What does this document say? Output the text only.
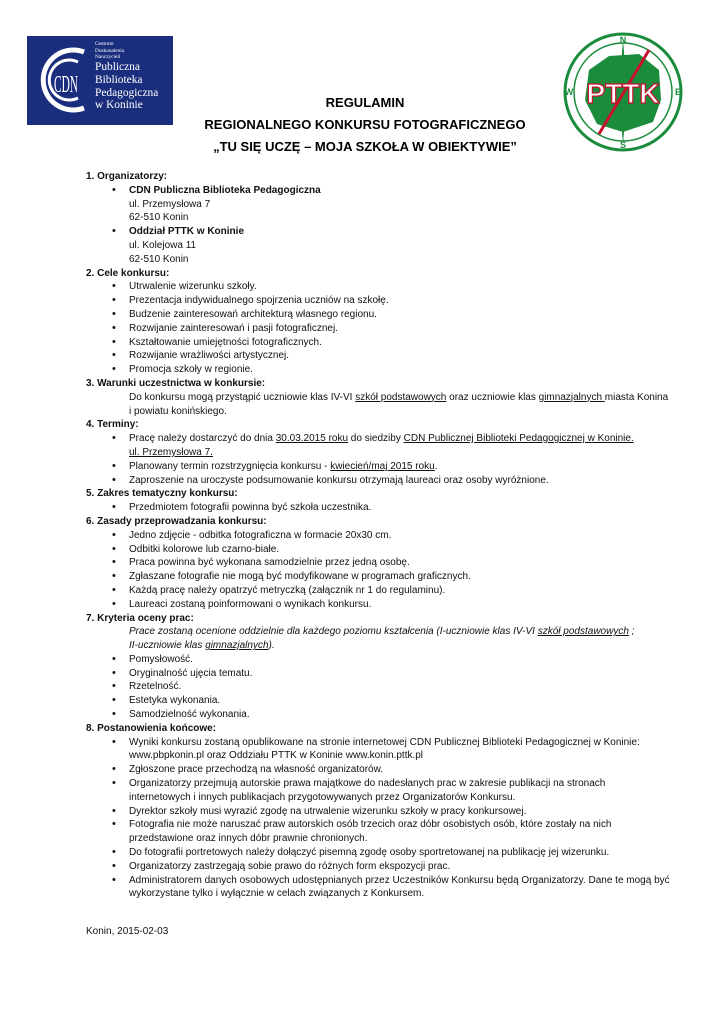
CDN
Centrum
Doskonalenia
Nauczycieli
Publiczna
Biblioteka
Pedagogiczna
w Koninie	PTTK
N
E
S
W
REGULAMIN
REGIONALNEGO KONKURSU FOTOGRAFICZNEGO
„TU SIĘ UCZĘ – MOJA SZKOŁA W OBIEKTYWIE”
1. Organizatorzy:
• CDN Publiczna Biblioteka Pedagogiczna
ul. Przemysłowa 7
62-510 Konin
• Oddział PTTK w Koninie
ul. Kolejowa 11
62-510 Konin
2. Cele konkursu:
• Utrwalenie wizerunku szkoły.
• Prezentacja indywidualnego spojrzenia uczniów na szkołę.
• Budzenie zainteresowań architekturą własnego regionu.
• Rozwijanie zainteresowań i pasji fotograficznej.
• Kształtowanie umiejętności fotograficznych.
• Rozwijanie wrażliwości artystycznej.
• Promocja szkoły w regionie.
3. Warunki uczestnictwa w konkursie:
Do konkursu mogą przystąpić uczniowie klas IV-VI szkół podstawowych oraz uczniowie klas gimnazjalnych miasta Konina
i powiatu konińskiego.
4. Terminy:
• Pracę należy dostarczyć do dnia 30.03.2015 roku do siedziby CDN Publicznej Biblioteki Pedagogicznej w Koninie.
ul. Przemysłowa 7.
• Planowany termin rozstrzygnięcia konkursu - kwiecień/maj 2015 roku.
• Zaproszenie na uroczyste podsumowanie konkursu otrzymają laureaci oraz osoby wyróżnione.
5. Zakres tematyczny konkursu:
• Przedmiotem fotografii powinna być szkoła uczestnika.
6. Zasady przeprowadzania konkursu:
• Jedno zdjęcie - odbitka fotograficzna w formacie 20x30 cm.
• Odbitki kolorowe lub czarno-białe.
• Praca powinna być wykonana samodzielnie przez jedną osobę.
• Zgłaszane fotografie nie mogą być modyfikowane w programach graficznych.
• Każdą pracę należy opatrzyć metryczką (załącznik nr 1 do regulaminu).
• Laureaci zostaną poinformowani o wynikach konkursu.
7. Kryteria oceny prac:
Prace zostaną ocenione oddzielnie dla każdego poziomu kształcenia (I-uczniowie klas IV-VI szkół podstawowych ;
II-uczniowie klas gimnazjalnych).
• Pomysłowość.
• Oryginalność ujęcia tematu.
• Rzetelność.
• Estetyka wykonania.
• Samodzielność wykonania.
8. Postanowienia końcowe:
• Wyniki konkursu zostaną opublikowane na stronie internetowej CDN Publicznej Biblioteki Pedagogicznej w Koninie:
www.pbpkonin.pl oraz Oddziału PTTK w Koninie www.konin.pttk.pl
• Zgłoszone prace przechodzą na własność organizatorów.
• Organizatorzy przejmują autorskie prawa majątkowe do nadesłanych prac w zakresie publikacji na stronach
internetowych i innych publikacjach przygotowywanych przez Organizatorów Konkursu.
• Dyrektor szkoły musi wyrazić zgodę na utrwalenie wizerunku szkoły w pracy konkursowej.
• Fotografia nie może naruszać praw autorskich osób trzecich oraz dóbr osobistych osób, które zostały na nich
przedstawione oraz innych dóbr prawnie chronionych.
• Do fotografii portretowych należy dołączyć pisemną zgodę osoby sportretowanej na publikację jej wizerunku.
• Organizatorzy zastrzegają sobie prawo do różnych form ekspozycji prac.
• Administratorem danych osobowych udostępnianych przez Uczestników Konkursu będą Organizatorzy. Dane te mogą być
wykorzystane tylko i wyłącznie w celach związanych z Konkursem.
Konin, 2015-02-03
